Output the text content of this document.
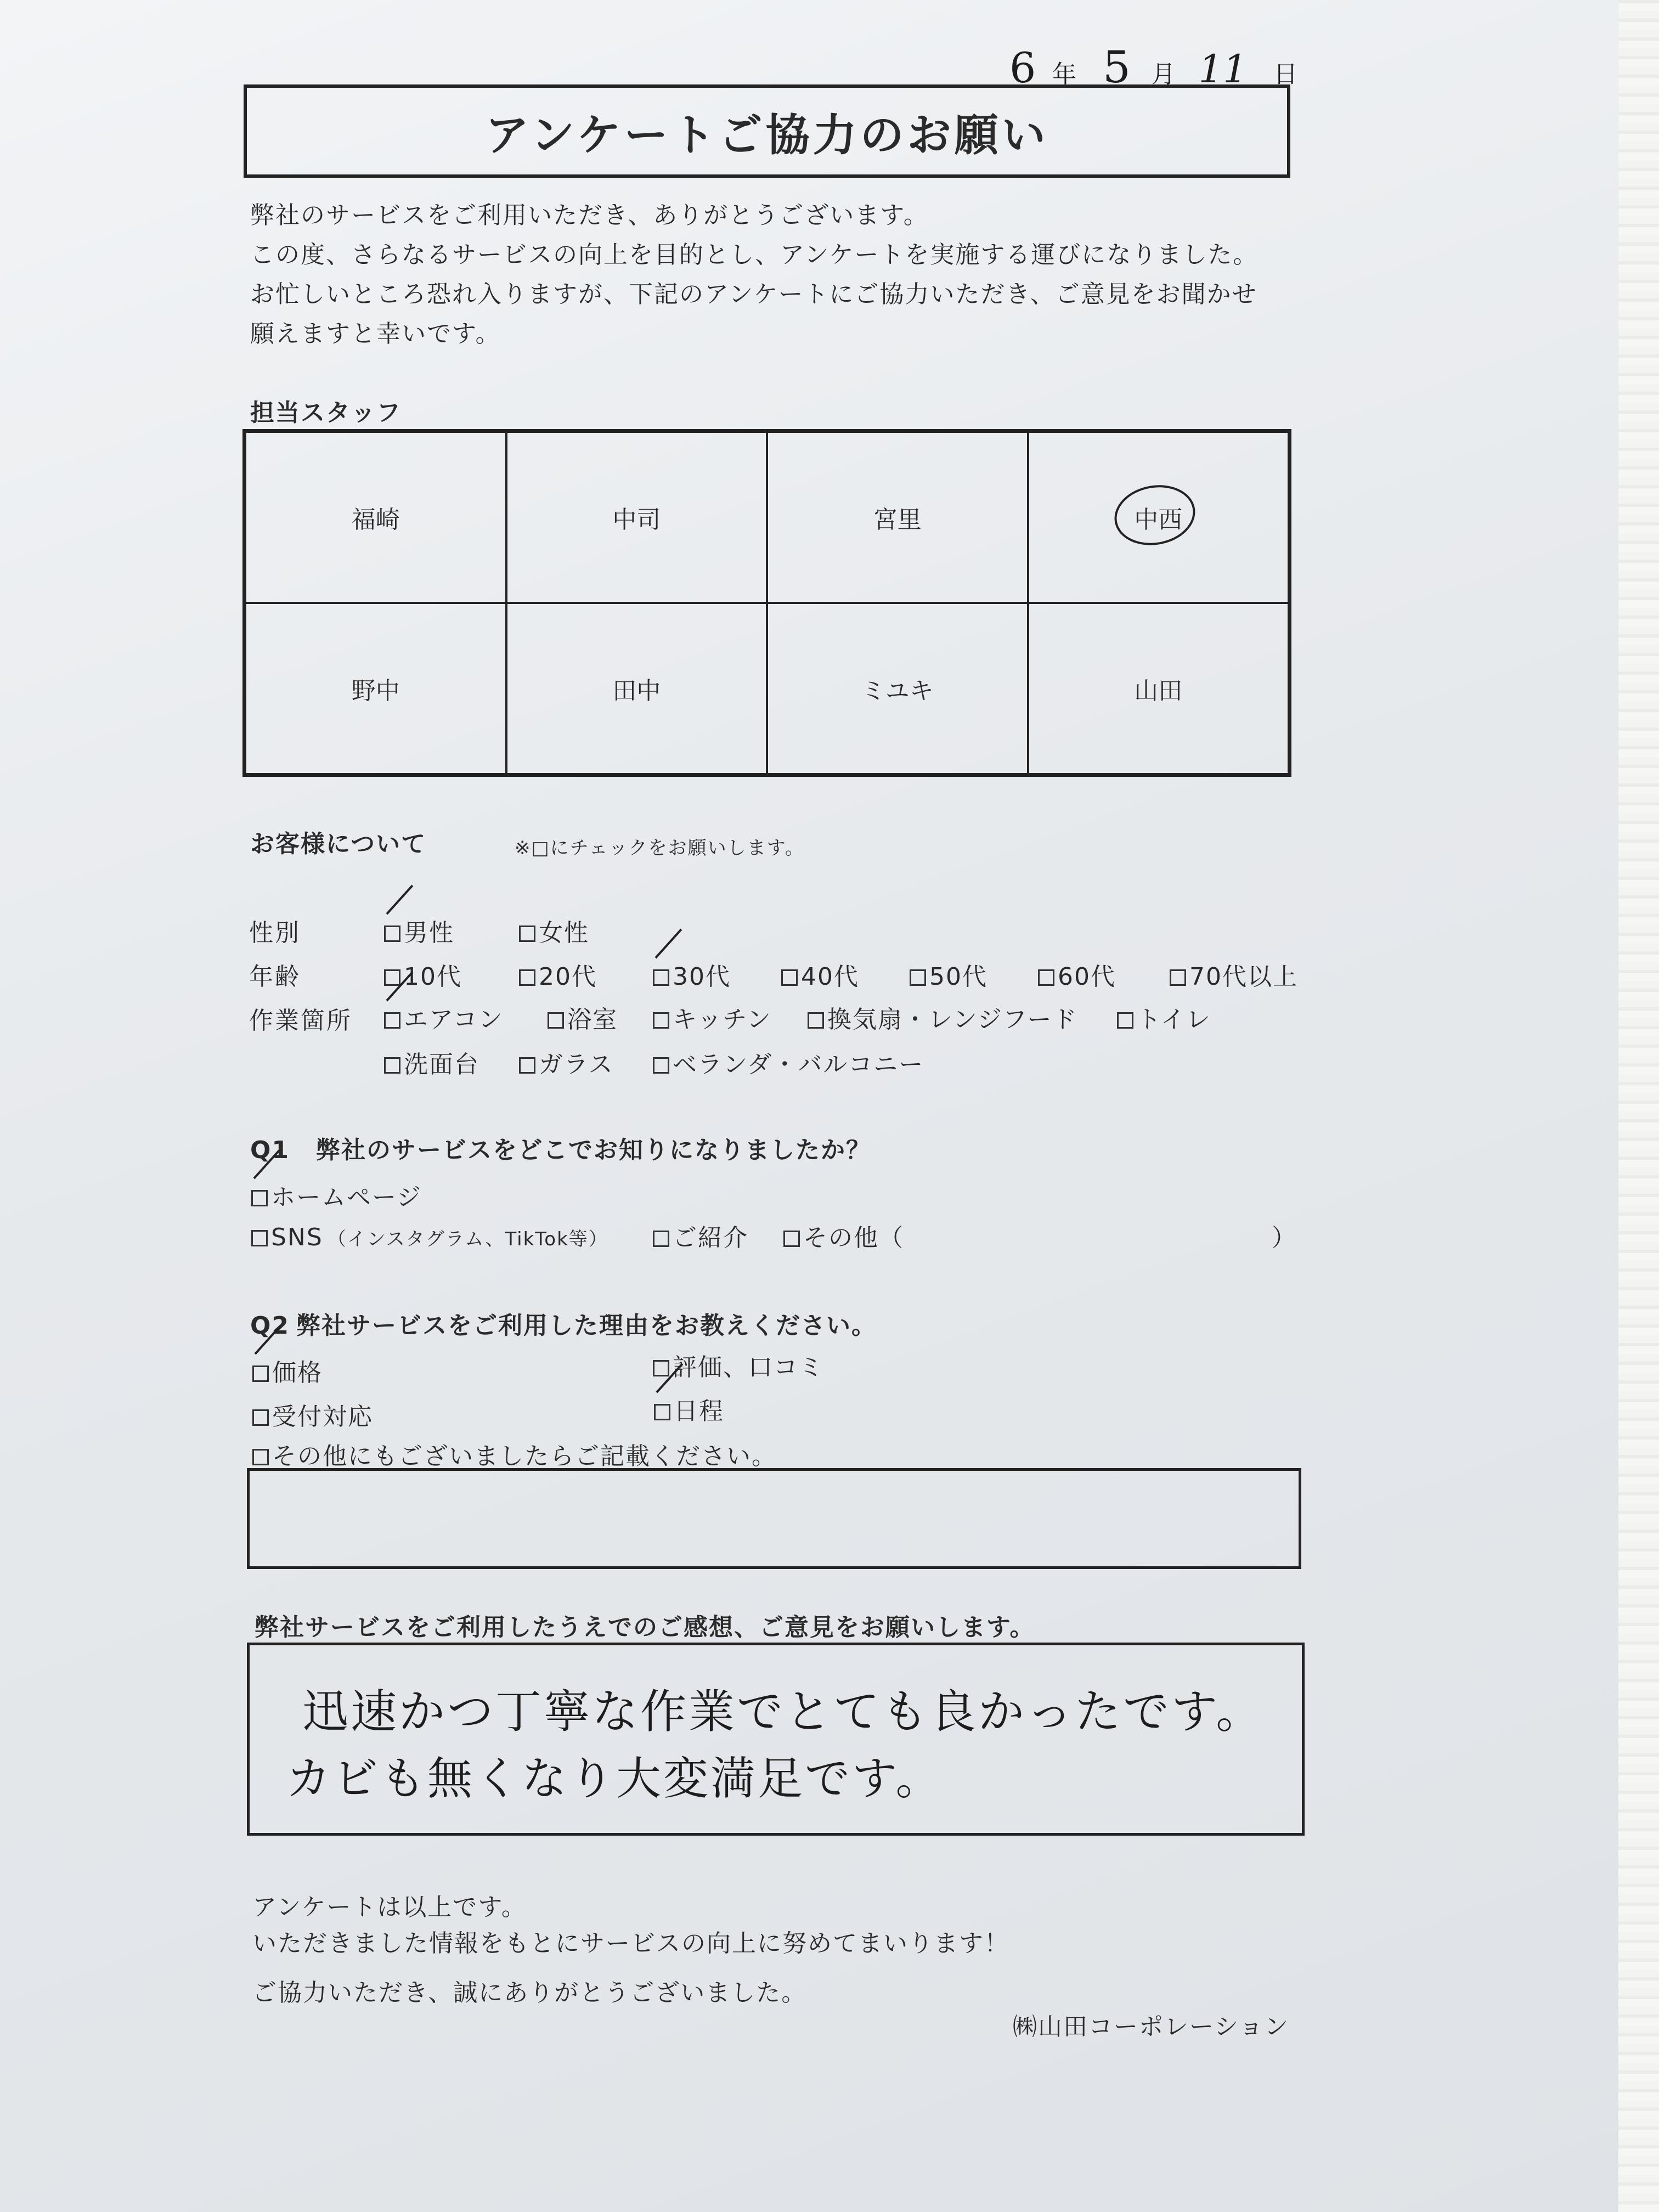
6 年 5 月 11 日
アンケートご協力のお願い
弊社のサービスをご利用いただき、ありがとうございます。
この度、さらなるサービスの向上を目的とし、アンケートを実施する運びになりました。
お忙しいところ恐れ入りますが、下記のアンケートにご協力いただき、ご意見をお聞かせ
願えますと幸いです。
担当スタッフ
福崎	中司	宮里	中西
野中	田中	ミユキ	山田
お客様について	※□にチェックをお願いします。
性別	男性	女性
年齢	10代	20代	30代	40代	50代	60代	70代以上
作業箇所	エアコン	浴室	キッチン	換気扇・レンジフード	トイレ
洗面台	ガラス	ベランダ・バルコニー
Q1 弊社のサービスをどこでお知りになりましたか？
ホームページ
SNS （インスタグラム、TikTok等）	ご紹介	その他（	）
Q2 弊社サービスをご利用した理由をお教えください。
価格	評価、口コミ
受付対応	日程
その他にもございましたらご記載ください。
弊社サービスをご利用したうえでのご感想、ご意見をお願いします。
迅速かつ丁寧な作業でとても良かったです。
カビも無くなり大変満足です。
アンケートは以上です。
いただきました情報をもとにサービスの向上に努めてまいります！
ご協力いただき、誠にありがとうございました。
㈱山田コーポレーション
